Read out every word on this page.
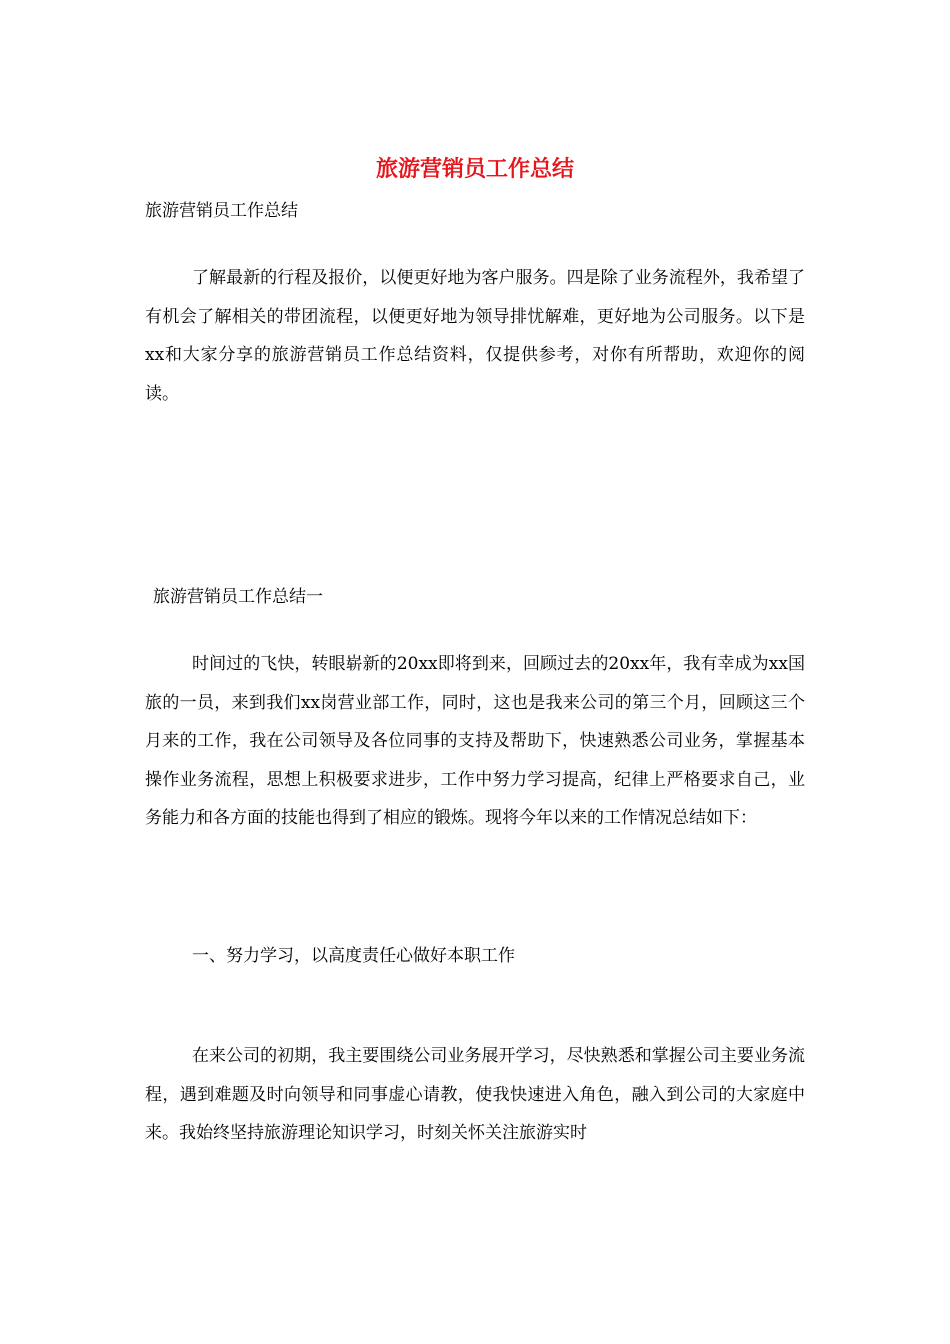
旅游营销员工作总结
旅游营销员工作总结
了解最新的行程及报价，以便更好地为客户服务。四是除了业务流程外，我希望了有机会了解相关的带团流程，以便更好地为领导排忧解难，更好地为公司服务。以下是xx和大家分享的旅游营销员工作总结资料，仅提供参考，对你有所帮助，欢迎你的阅读。
旅游营销员工作总结一
时间过的飞快，转眼崭新的20xx即将到来，回顾过去的20xx年，我有幸成为xx国旅的一员，来到我们xx岗营业部工作，同时，这也是我来公司的第三个月，回顾这三个月来的工作，我在公司领导及各位同事的支持及帮助下，快速熟悉公司业务，掌握基本操作业务流程，思想上积极要求进步，工作中努力学习提高，纪律上严格要求自己，业务能力和各方面的技能也得到了相应的锻炼。现将今年以来的工作情况总结如下：
一、努力学习，以高度责任心做好本职工作
在来公司的初期，我主要围绕公司业务展开学习，尽快熟悉和掌握公司主要业务流程，遇到难题及时向领导和同事虚心请教，使我快速进入角色，融入到公司的大家庭中来。我始终坚持旅游理论知识学习，时刻关怀关注旅游实时
